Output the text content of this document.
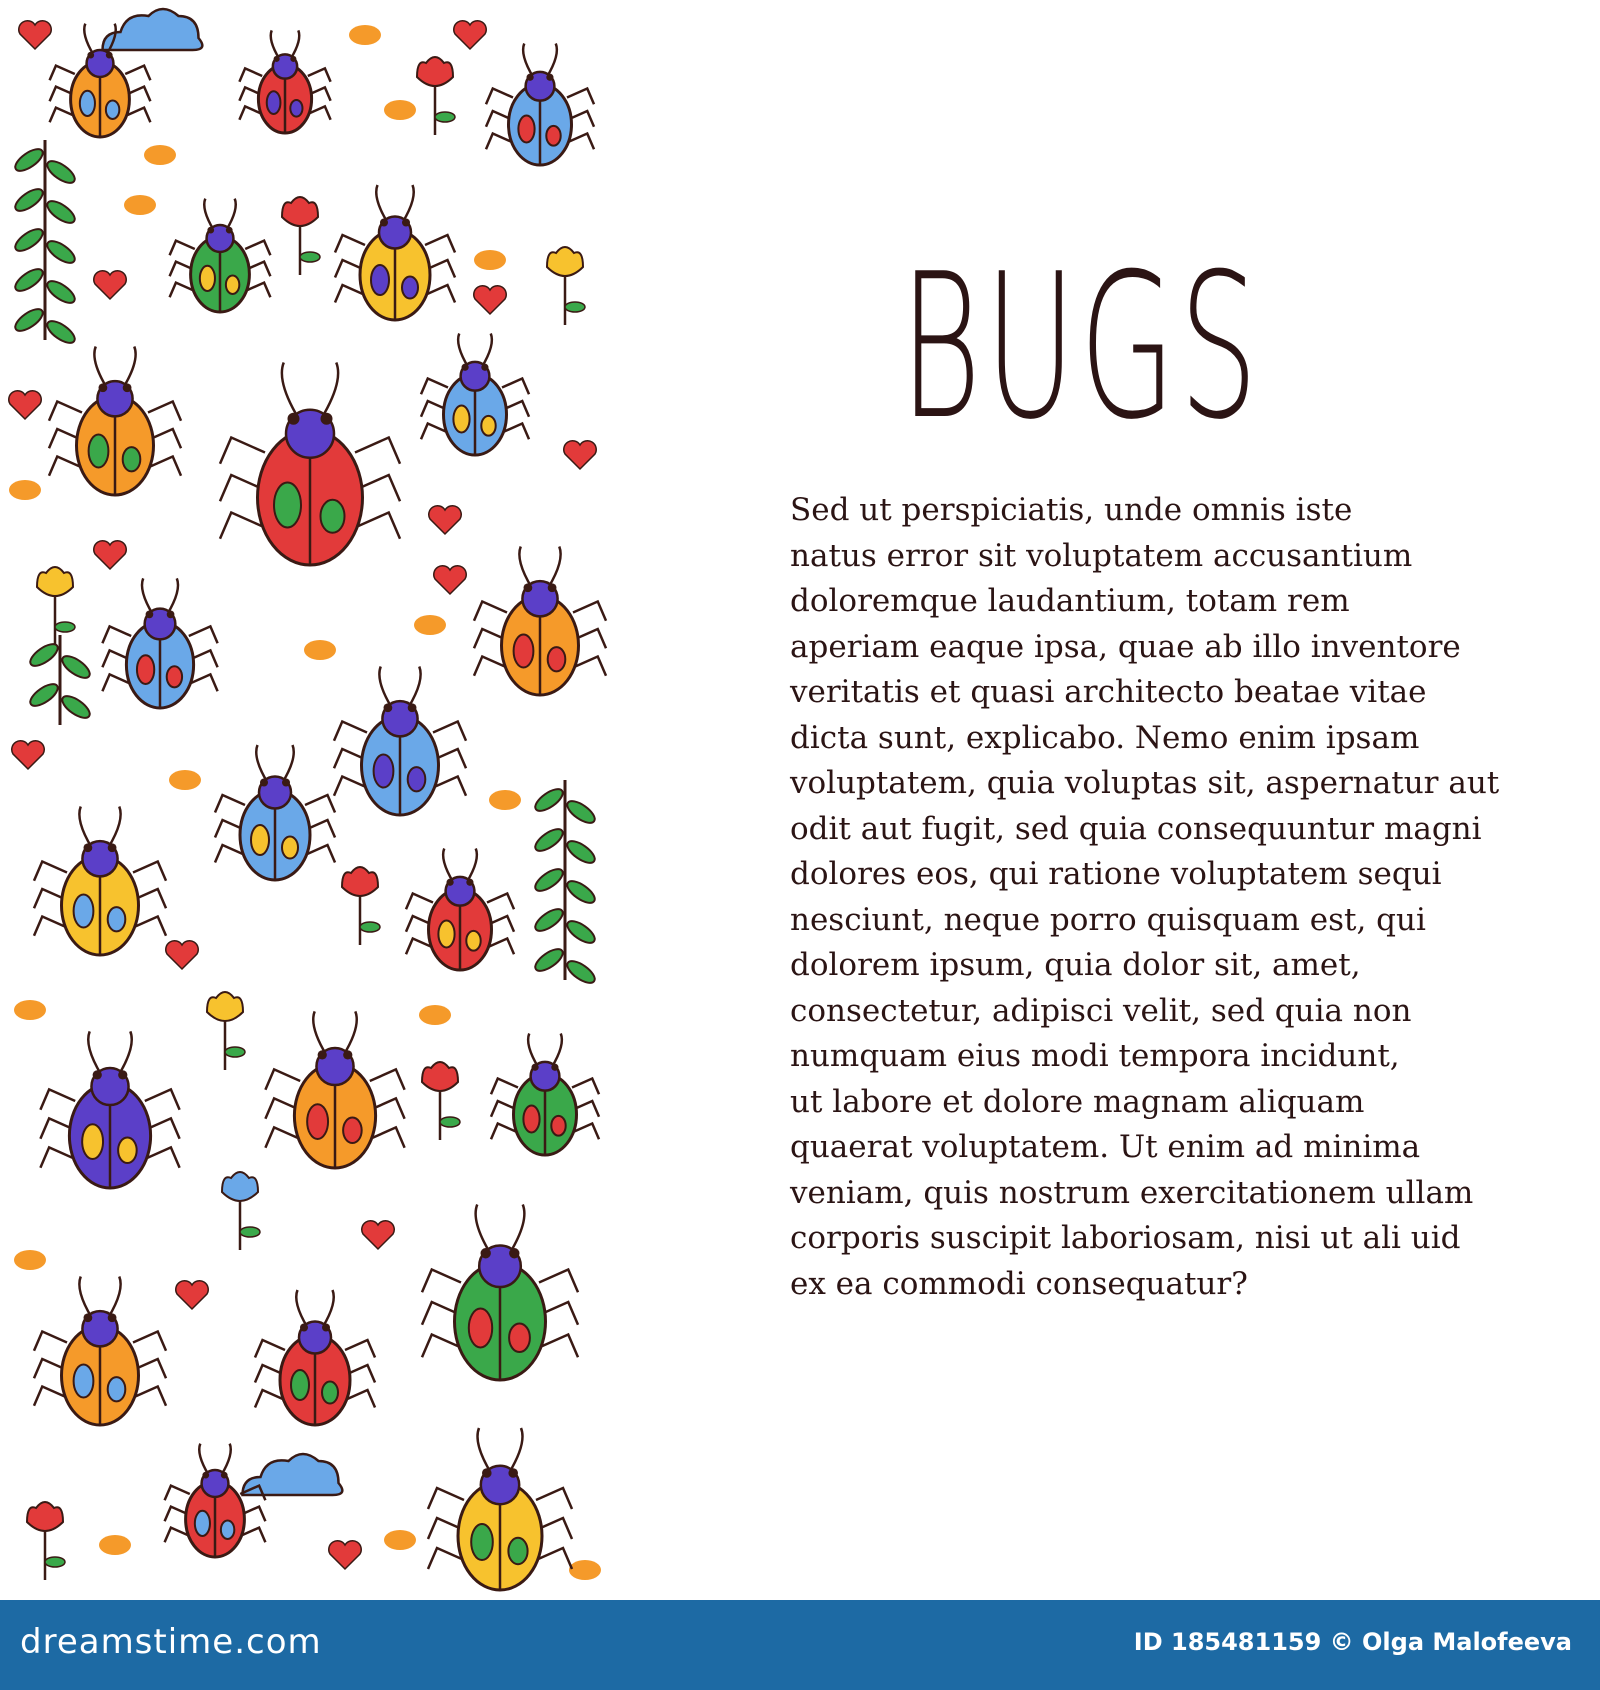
BUGS
Sed ut perspiciatis, unde omnis iste
natus error sit voluptatem accusantium
doloremque laudantium, totam rem
aperiam eaque ipsa, quae ab illo inventore
veritatis et quasi architecto beatae vitae
dicta sunt, explicabo. Nemo enim ipsam
voluptatem, quia voluptas sit, aspernatur aut
odit aut fugit, sed quia consequuntur magni
dolores eos, qui ratione voluptatem sequi
nesciunt, neque porro quisquam est, qui
dolorem ipsum, quia dolor sit, amet,
consectetur, adipisci velit, sed quia non
numquam eius modi tempora incidunt,
ut labore et dolore magnam aliquam
quaerat voluptatem. Ut enim ad minima
veniam, quis nostrum exercitationem ullam
corporis suscipit laboriosam, nisi ut ali uid
ex ea commodi consequatur?
dreamstime.com	ID 185481159 © Olga Malofeeva
